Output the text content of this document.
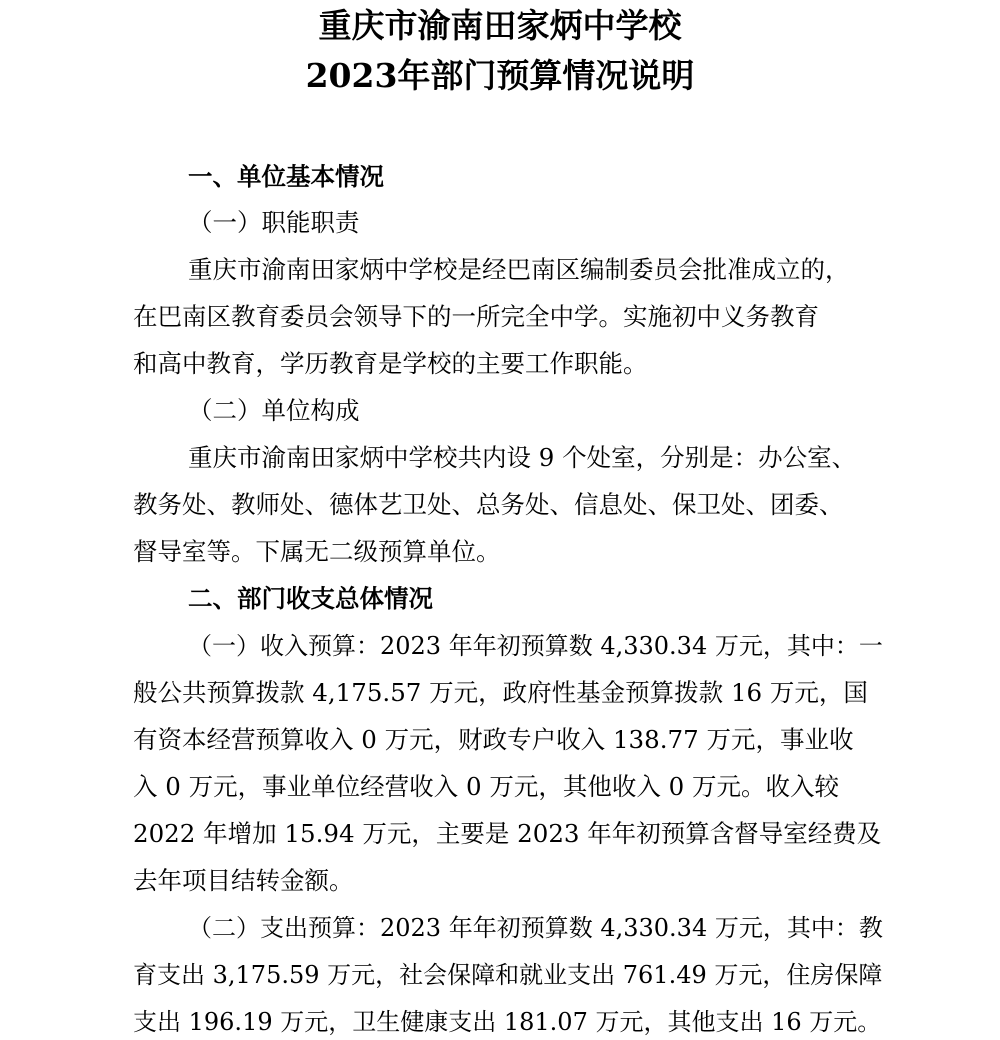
重庆市渝南田家炳中学校
2023年部门预算情况说明

一、单位基本情况

（一）职能职责

重庆市渝南田家炳中学校是经巴南区编制委员会批准成立的，

在巴南区教育委员会领导下的一所完全中学。实施初中义务教育

和高中教育，学历教育是学校的主要工作职能。

（二）单位构成

重庆市渝南田家炳中学校共内设 9 个处室，分别是：办公室、

教务处、教师处、德体艺卫处、总务处、信息处、保卫处、团委、

督导室等。下属无二级预算单位。

二、部门收支总体情况

（一）收入预算：2023 年年初预算数 4,330.34 万元，其中：一

般公共预算拨款 4,175.57 万元，政府性基金预算拨款 16 万元，国

有资本经营预算收入 0 万元，财政专户收入 138.77 万元，事业收

入 0 万元，事业单位经营收入 0 万元，其他收入 0 万元。收入较

2022 年增加 15.94 万元，主要是 2023 年年初预算含督导室经费及

去年项目结转金额。

（二）支出预算：2023 年年初预算数 4,330.34 万元，其中：教

育支出 3,175.59 万元，社会保障和就业支出 761.49 万元，住房保障

支出 196.19 万元，卫生健康支出 181.07 万元，其他支出 16 万元。
